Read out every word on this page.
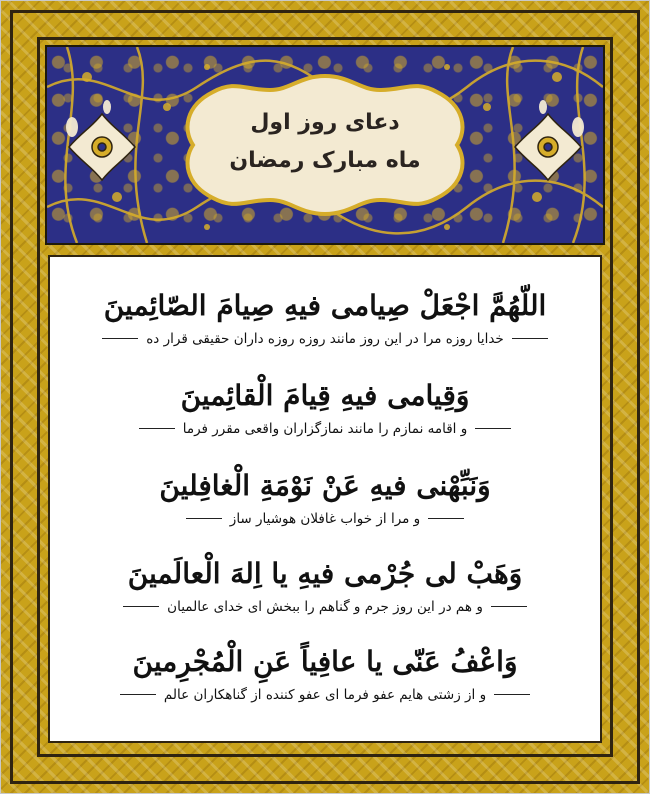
دعای روز اول
ماه مبارک رمضان
اللّهُمَّ اجْعَلْ صِیامی فیهِ صِیامَ الصّائِمینَ
خدایا روزه مرا در این روز مانند روزه روزه داران حقیقی قرار ده
وَقِیامی فیهِ قِیامَ الْقائِمینَ
و اقامه نمازم را مانند نمازگزاران واقعی مقرر فرما
وَنَبِّهْنی فیهِ عَنْ نَوْمَةِ الْغافِلینَ
و مرا از خواب غافلان هوشیار ساز
وَهَبْ لی جُرْمی فیهِ یا اِلهَ الْعالَمینَ
و هم در این روز جرم و گناهم را ببخش ای خدای عالمیان
وَاعْفُ عَنّی یا عافِیاً عَنِ الْمُجْرِمینَ
و از زشتی هایم عفو فرما ای عفو کننده از گناهکاران عالم
